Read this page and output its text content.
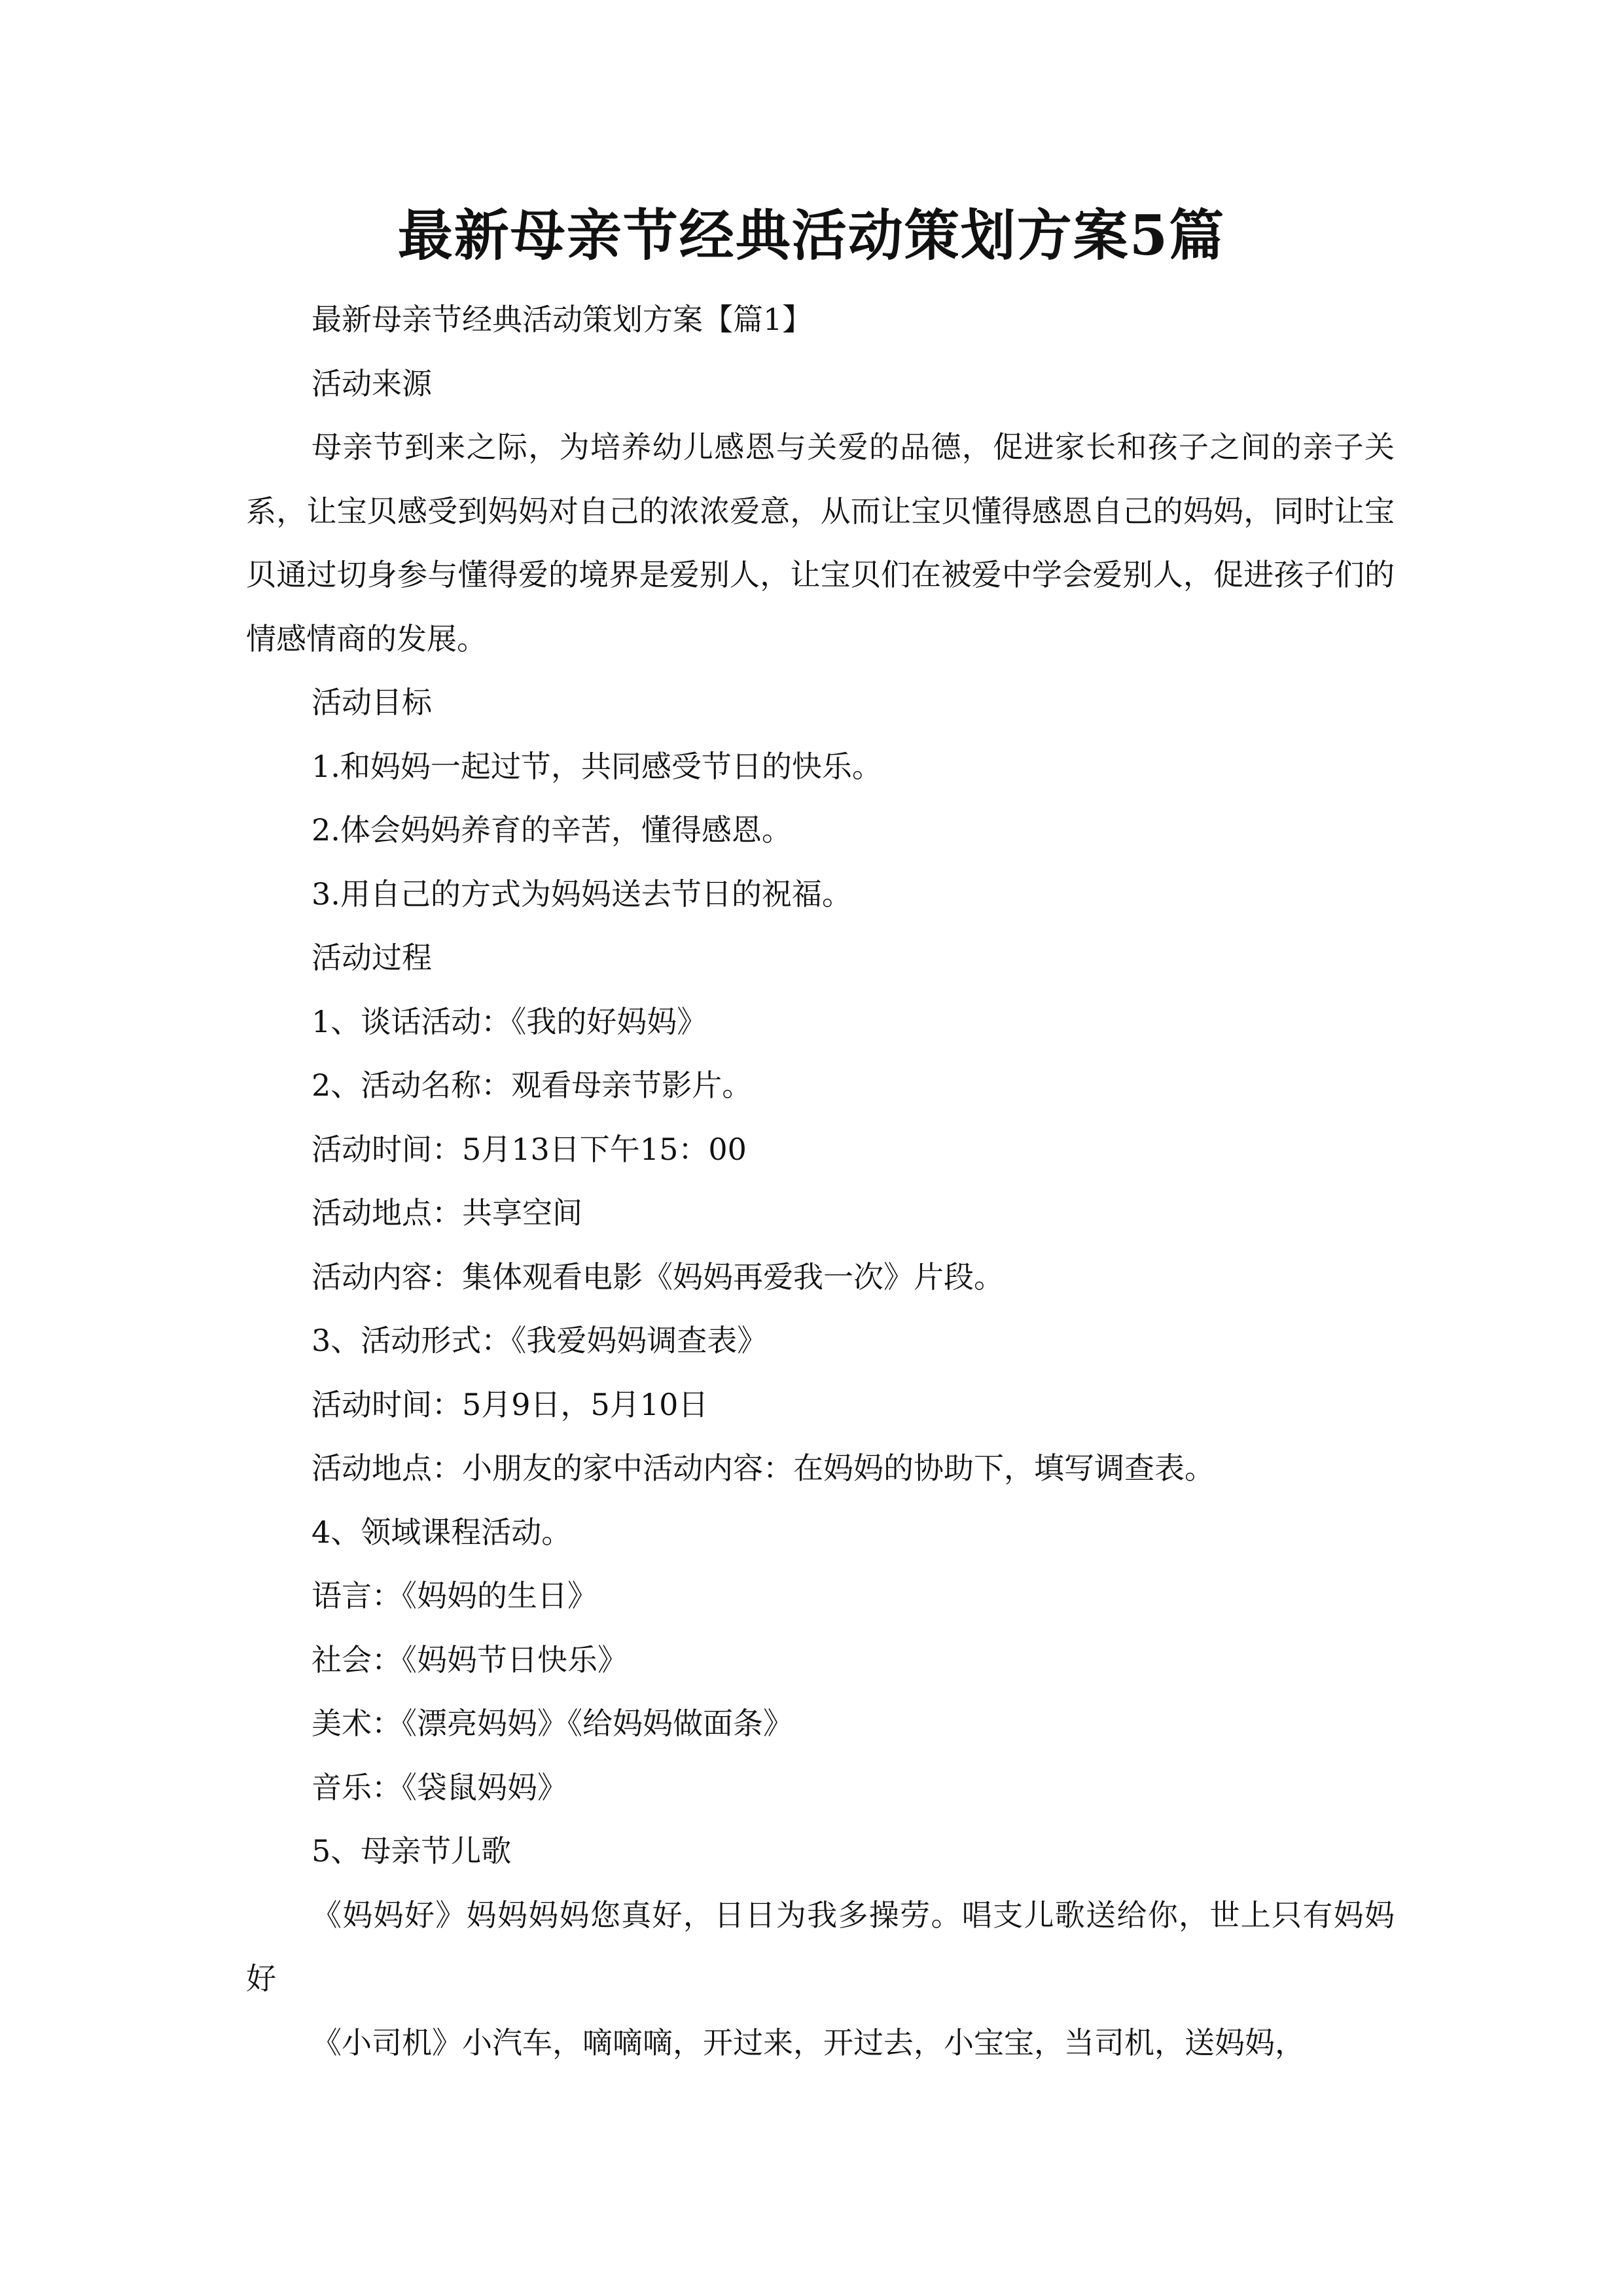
最新母亲节经典活动策划方案5篇

最新母亲节经典活动策划方案【篇1】

活动来源

母亲节到来之际，为培养幼儿感恩与关爱的品德，促进家长和孩子之间的亲子关系，让宝贝感受到妈妈对自己的浓浓爱意，从而让宝贝懂得感恩自己的妈妈，同时让宝贝通过切身参与懂得爱的境界是爱别人，让宝贝们在被爱中学会爱别人，促进孩子们的情感情商的发展。

活动目标

1.和妈妈一起过节，共同感受节日的快乐。

2.体会妈妈养育的辛苦，懂得感恩。

3.用自己的方式为妈妈送去节日的祝福。

活动过程

1、谈话活动：《我的好妈妈》

2、活动名称：观看母亲节影片。

活动时间：5月13日下午15：00

活动地点：共享空间

活动内容：集体观看电影《妈妈再爱我一次》片段。

3、活动形式：《我爱妈妈调查表》

活动时间：5月9日，5月10日

活动地点：小朋友的家中活动内容：在妈妈的协助下，填写调查表。

4、领域课程活动。

语言：《妈妈的生日》

社会：《妈妈节日快乐》

美术：《漂亮妈妈》《给妈妈做面条》

音乐：《袋鼠妈妈》

5、母亲节儿歌

《妈妈好》妈妈妈妈您真好，日日为我多操劳。唱支儿歌送给你，世上只有妈妈好

《小司机》小汽车，嘀嘀嘀，开过来，开过去，小宝宝，当司机，送妈妈，
